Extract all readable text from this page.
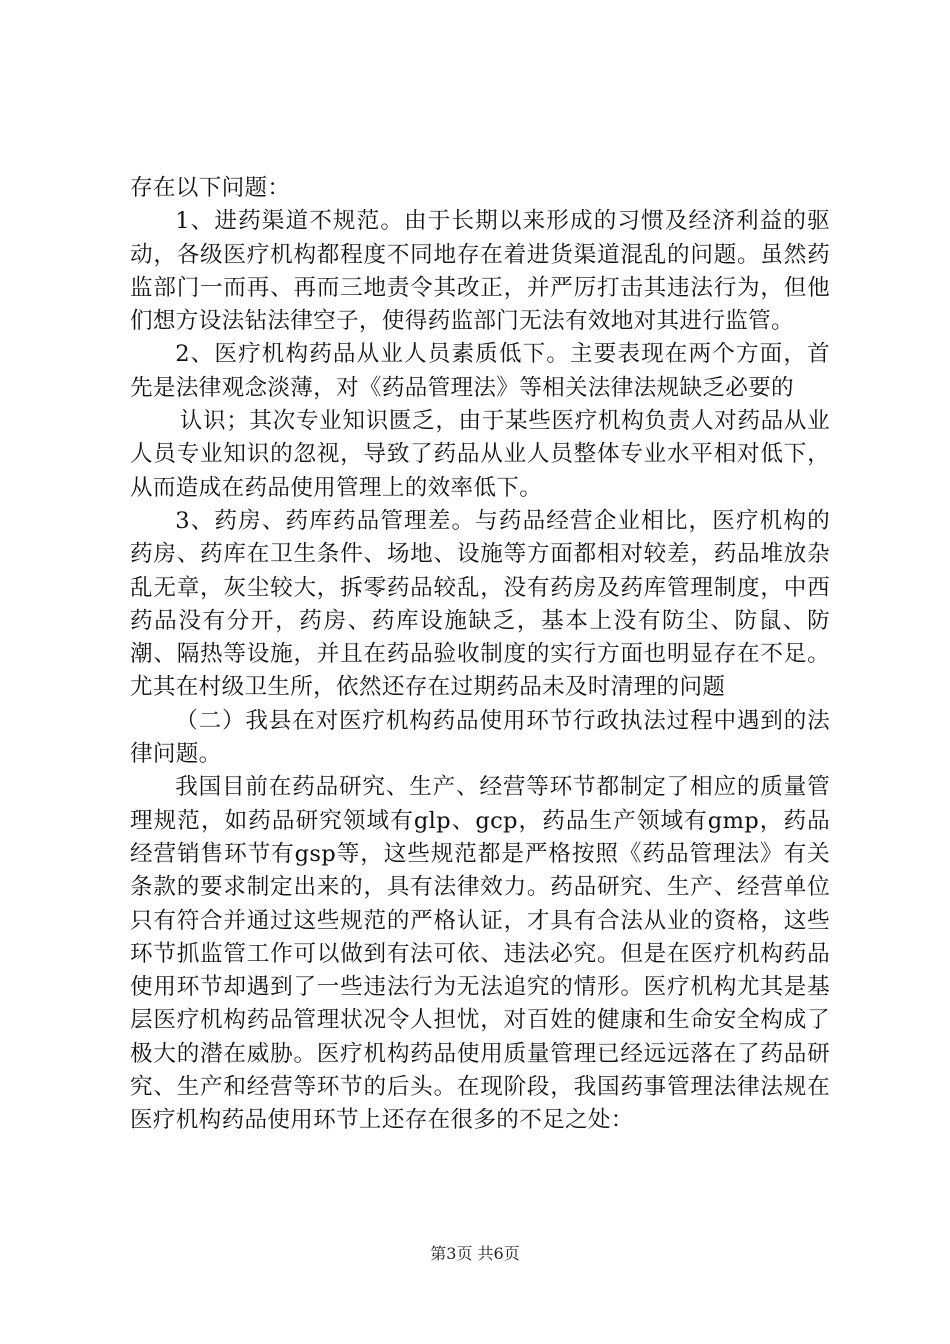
存在以下问题：

1、进药渠道不规范。由于长期以来形成的习惯及经济利益的驱动，各级医疗机构都程度不同地存在着进货渠道混乱的问题。虽然药监部门一而再、再而三地责令其改正，并严厉打击其违法行为，但他们想方设法钻法律空子，使得药监部门无法有效地对其进行监管。

2、医疗机构药品从业人员素质低下。主要表现在两个方面，首先是法律观念淡薄，对《药品管理法》等相关法律法规缺乏必要的

认识；其次专业知识匮乏，由于某些医疗机构负责人对药品从业人员专业知识的忽视，导致了药品从业人员整体专业水平相对低下，从而造成在药品使用管理上的效率低下。

3、药房、药库药品管理差。与药品经营企业相比，医疗机构的药房、药库在卫生条件、场地、设施等方面都相对较差，药品堆放杂乱无章，灰尘较大，拆零药品较乱，没有药房及药库管理制度，中西药品没有分开，药房、药库设施缺乏，基本上没有防尘、防鼠、防潮、隔热等设施，并且在药品验收制度的实行方面也明显存在不足。尤其在村级卫生所，依然还存在过期药品未及时清理的问题

（二）我县在对医疗机构药品使用环节行政执法过程中遇到的法律问题。

我国目前在药品研究、生产、经营等环节都制定了相应的质量管理规范，如药品研究领域有glp、gcp，药品生产领域有gmp，药品经营销售环节有gsp等，这些规范都是严格按照《药品管理法》有关条款的要求制定出来的，具有法律效力。药品研究、生产、经营单位只有符合并通过这些规范的严格认证，才具有合法从业的资格，这些环节抓监管工作可以做到有法可依、违法必究。但是在医疗机构药品使用环节却遇到了一些违法行为无法追究的情形。医疗机构尤其是基层医疗机构药品管理状况令人担忧，对百姓的健康和生命安全构成了极大的潜在威胁。医疗机构药品使用质量管理已经远远落在了药品研究、生产和经营等环节的后头。在现阶段，我国药事管理法律法规在医疗机构药品使用环节上还存在很多的不足之处：

第3页 共6页
